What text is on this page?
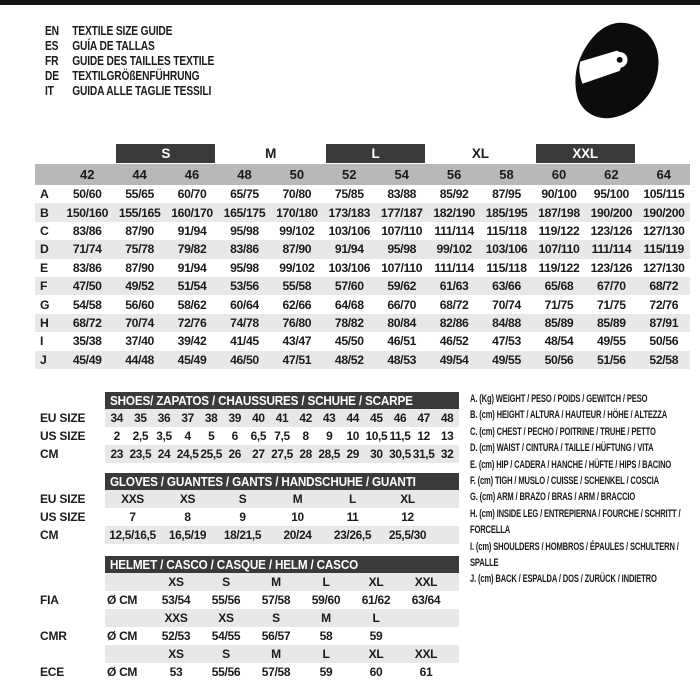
EN	TEXTILE SIZE GUIDE
ES	GUÍA DE TALLAS
FR	GUIDE DES TAILLES TEXTILE
DE	TEXTILGRÖßENFÜHRUNG
IT	GUIDA ALLE TAGLIE TESSILI
S	M	L	XL	XXL
42	44	46	48	50	52	54	56	58	60	62	64
A	50/60	55/65	60/70	65/75	70/80	75/85	83/88	85/92	87/95	90/100	95/100	105/115
B	150/160 155/165 160/170 165/175 170/180 173/183 177/187 182/190 185/195 187/198 190/200 190/200
C	83/86	87/90	91/94	95/98	99/102	103/106 107/110 111/114	115/118 119/122 123/126 127/130
D	71/74	75/78	79/82	83/86	87/90	91/94	95/98	99/102	103/106 107/110 111/114	115/119
E	83/86	87/90	91/94	95/98	99/102	103/106 107/110 111/114	115/118 119/122 123/126 127/130
F	47/50	49/52	51/54	53/56	55/58	57/60	59/62	61/63	63/66	65/68	67/70	68/72
G	54/58	56/60	58/62	60/64	62/66	64/68	66/70	68/72	70/74	71/75	71/75	72/76
H	68/72	70/74	72/76	74/78	76/80	78/82	80/84	82/86	84/88	85/89	85/89	87/91
I	35/38	37/40	39/42	41/45	43/47	45/50	46/51	46/52	47/53	48/54	49/55	50/56
J	45/49	44/48	45/49	46/50	47/51	48/52	48/53	49/54	49/55	50/56	51/56	52/58
SHOES/ ZAPATOS / CHAUSSURES / SCHUHE / SCARPE
EU SIZE	34 35 36 37 38 39 40 41 42 43 44 45 46 47 48
US SIZE	2	2,5 3,5	4	5	6	6,5 7,5	8	9	10 10,5 11,5 12 13
CM	23 23,5 24 24,5 25,5 26 27 27,5 28 28,5 29 30 30,5 31,5 32
GLOVES / GUANTES / GANTS / HANDSCHUHE / GUANTI
EU SIZE	XXS	XS	S	M	L	XL
US SIZE	7	8	9	10	11	12
CM	12,5/16,5	16,5/19	18/21,5	20/24	23/26,5	25,5/30
HELMET / CASCO / CASQUE / HELM / CASCO
XS	S	M	L	XL	XXL
FIA	Ø CM	53/54	55/56	57/58	59/60	61/62	63/64
XXS	XS	S	M	L
CMR	Ø CM	52/53	54/55	56/57	58	59
XS	S	M	L	XL	XXL
ECE	Ø CM	53	55/56	57/58	59	60	61
A. (Kg) WEIGHT / PESO / POIDS / GEWITCH / PESO
B. (cm) HEIGHT / ALTURA / HAUTEUR / HÖHE / ALTEZZA
C. (cm) CHEST / PECHO / POITRINE / TRUHE / PETTO
D. (cm) WAIST / CINTURA / TAILLE / HÜFTUNG / VITA
E. (cm) HIP / CADERA / HANCHE / HÜFTE / HIPS / BACINO
F. (cm) TIGH / MUSLO / CUISSE / SCHENKEL / COSCIA
G. (cm) ARM / BRAZO / BRAS / ARM / BRACCIO
H. (cm) INSIDE LEG / ENTREPIERNA / FOURCHE / SCHRITT / FORCELLA
I. (cm) SHOULDERS / HOMBROS / ÉPAULES / SCHULTERN / SPALLE
J. (cm) BACK / ESPALDA / DOS / ZURÜCK / INDIETRO
